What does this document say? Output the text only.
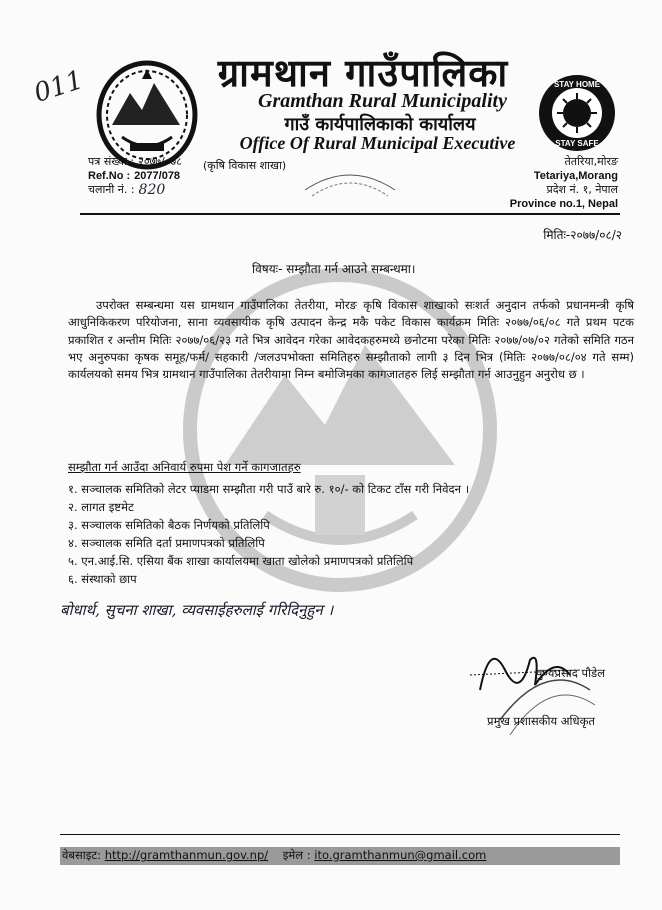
011	ग्रामथान गाउँपालिका
Gramthan Rural Municipality
गाउँ कार्यपालिकाको कार्यालय
Office Of Rural Municipal Executive
STAY HOME
STAY SAFE
पत्र संख्या : २०७७/०७८
Ref.No : 2077/078
चलानी नं. : 820
(कृषि विकास शाखा)	तेतरिया,मोरङ
Tetariya,Morang
प्रदेश नं. १, नेपाल
Province no.1, Nepal
मितिः-२०७७/०८/२
विषयः- सम्झौता गर्न आउने सम्बन्धमा।

उपरोक्त सम्बन्धमा यस ग्रामथान गाउँपालिका तेतरीया, मोरङ कृषि विकास शाखाको सःशर्त अनुदान तर्फको प्रधानमन्त्री कृषि आधुनिकिकरण परियोजना, साना व्यवसायीक कृषि उत्पादन केन्द्र मकै पकेट विकास कार्यक्रम मितिः २०७७/०६/०८ गते प्रथम पटक प्रकाशित र अन्तीम मितिः २०७७/०६/२३ गते भित्र आवेदन गरेका आवेदकहरुमध्ये छनोटमा परेका मितिः २०७७/०७/०२ गतेको समिति गठन भए अनुरुपका कृषक समूह/फर्म/ सहकारी /जलउपभोक्ता समितिहरु सम्झौताको लागी ३ दिन भित्र (मितिः २०७७/०८/०४ गते सम्म) कार्यलयको समय भित्र ग्रामथान गाउँपालिका तेतरीयामा निम्न बमोजिमका कागजातहरु लिई सम्झौता गर्न आउनुहुन अनुरोध छ ।

सम्झौता गर्न आउँदा अनिवार्य रुपमा पेश गर्ने कागजातहरु
१. सञ्चालक समितिको लेटर प्याडमा सम्झौता गरी पाउँ बारे रु. १०/- को टिकट टाँस गरी निवेदन ।
२. लागत इष्टमेट
३. सञ्चालक समितिको बैठक निर्णयको प्रतिलिपि
४. सञ्चालक समिति दर्ता प्रमाणपत्रको प्रतिलिपि
५. एन.आई.सि. एसिया बैंक शाखा कार्यालयमा खाता खोलेको प्रमाणपत्रको प्रतिलिपि
६. संस्थाको छाप
बोधार्थ, सुचना शाखा, व्यवसाईहरुलाई गरिदिनुहुन ।
पुण्यप्रसाद पौडेल
प्रमुख प्रशासकीय अधिकृत
वेबसाइट: http://gramthanmun.gov.np/ इमेल : ito.gramthanmun@gmail.com
